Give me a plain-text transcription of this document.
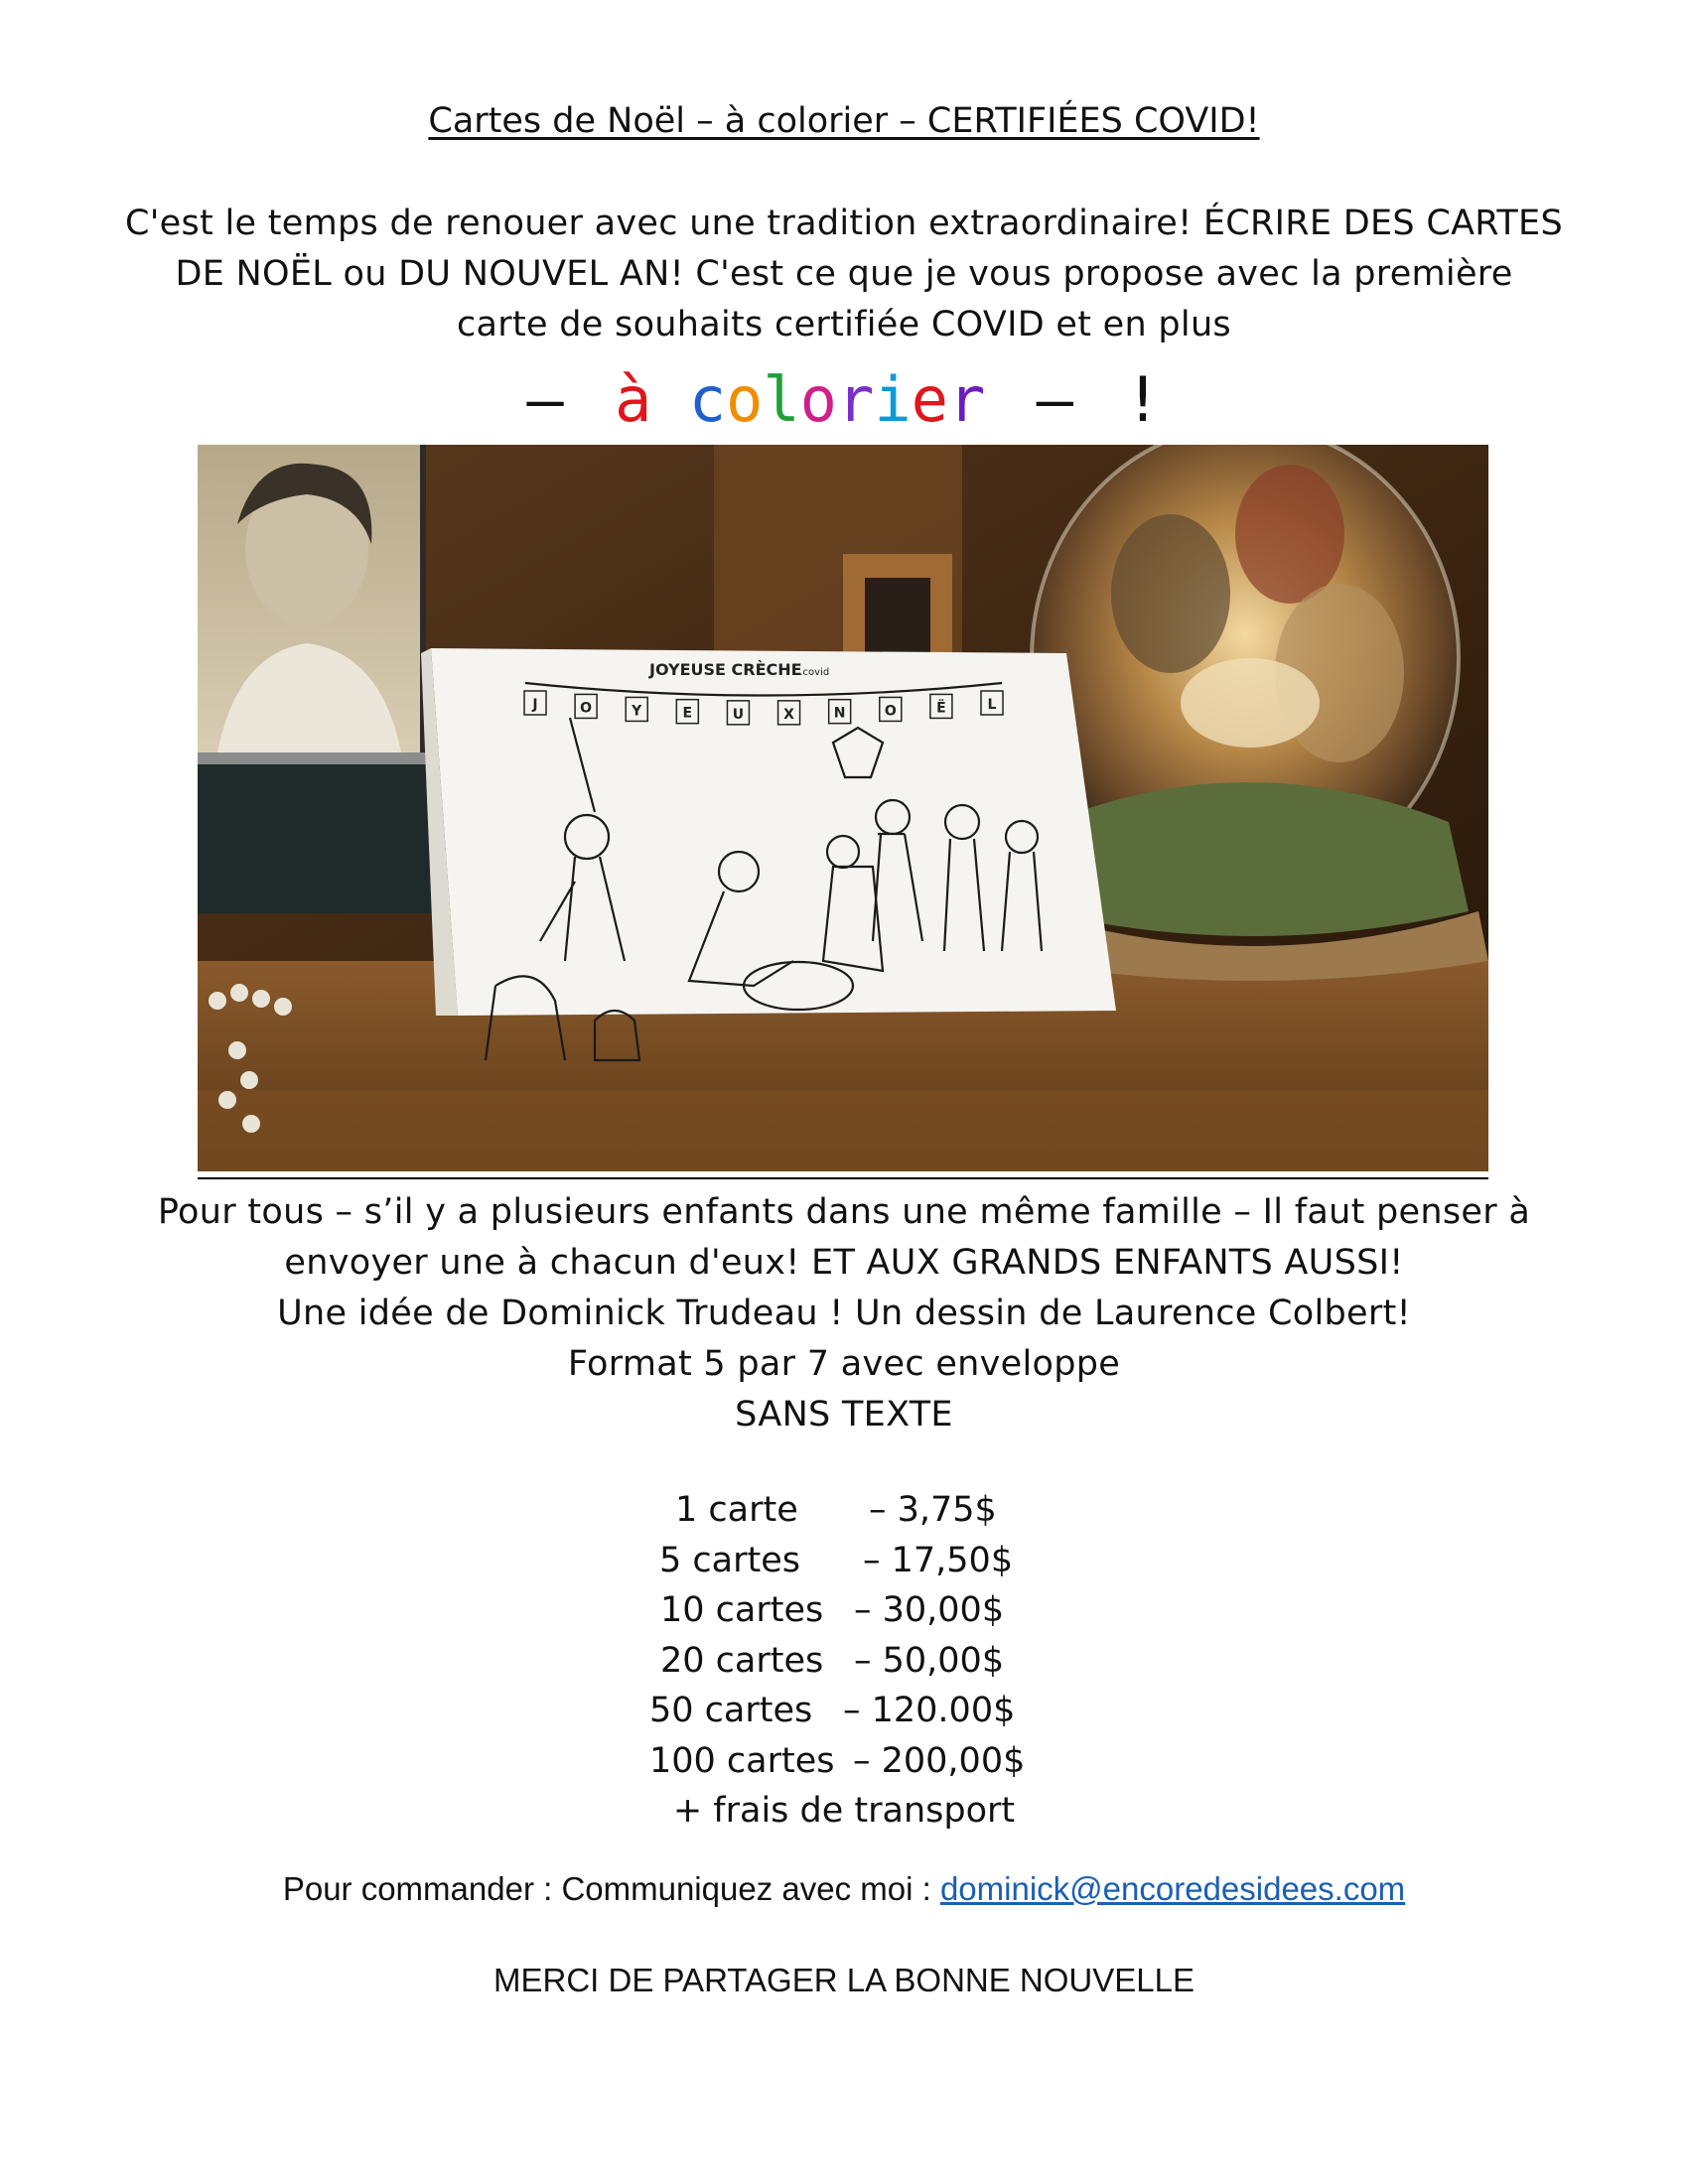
Cartes de Noël – à colorier – CERTIFIÉES COVID!
C'est le temps de renouer avec une tradition extraordinaire! ÉCRIRE DES CARTES
DE NOËL ou DU NOUVEL AN! C'est ce que je vous propose avec la première
carte de souhaits certifiée COVID et en plus
– à colorier – !
JOYEUSE CRÈCHE
...covid
J	O	Y	E	U	X	N	O	Ë	L
Pour tous – s’il y a plusieurs enfants dans une même famille – Il faut penser à
envoyer une à chacun d'eux! ET AUX GRANDS ENFANTS AUSSI!
Une idée de Dominick Trudeau ! Un dessin de Laurence Colbert!
Format 5 par 7 avec enveloppe
SANS TEXTE
1 carte – 3,75$
5 cartes – 17,50$
10 cartes – 30,00$
20 cartes – 50,00$
50 cartes – 120.00$
100 cartes – 200,00$
+ frais de transport
Pour commander : Communiquez avec moi : dominick@encoredesidees.com
MERCI DE PARTAGER LA BONNE NOUVELLE
